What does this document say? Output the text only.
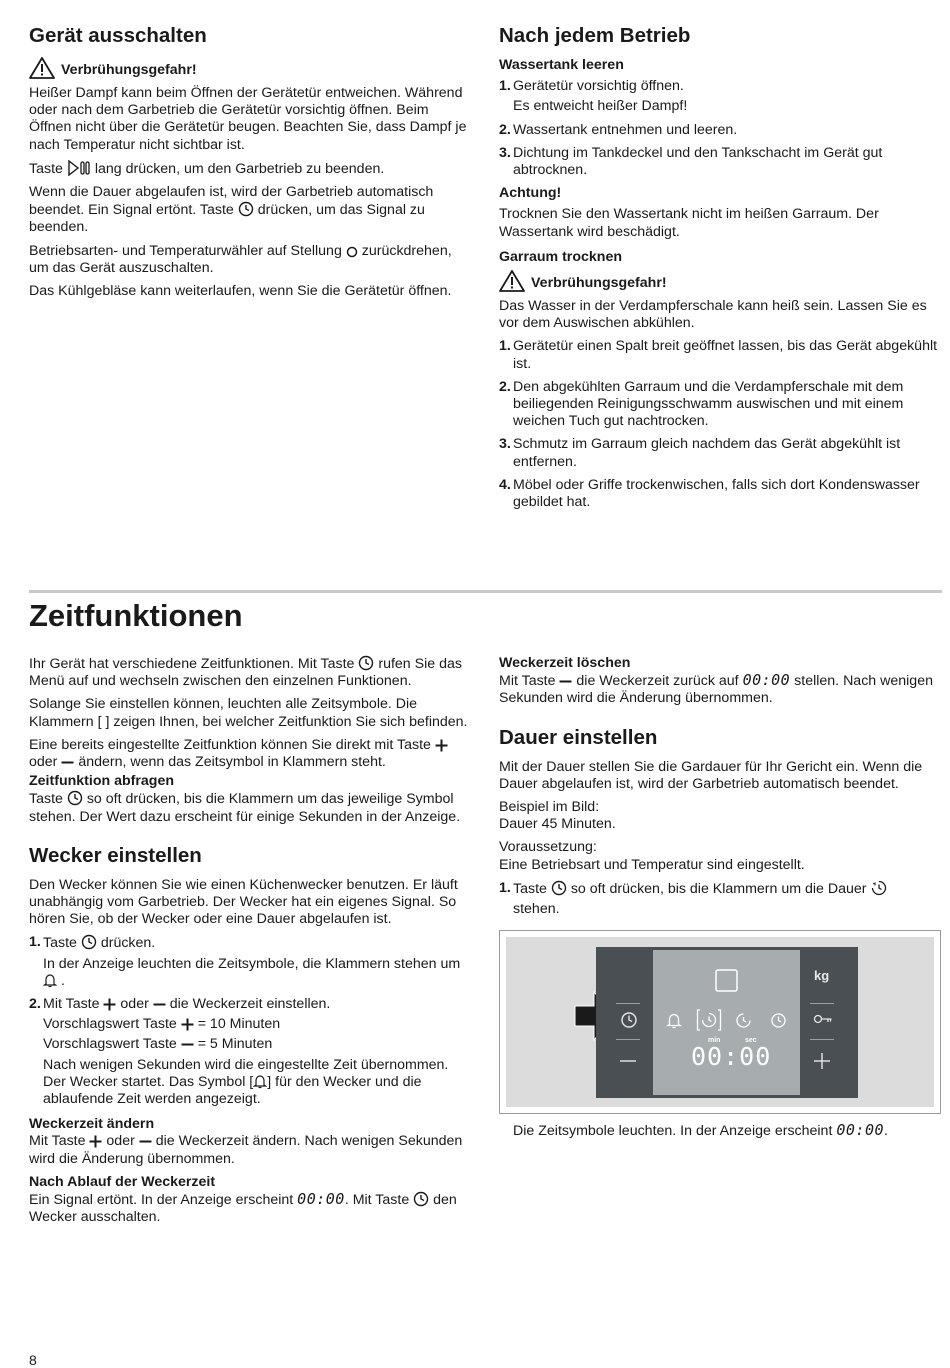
Gerät ausschalten
Verbrühungsgefahr!

Heißer Dampf kann beim Öffnen der Gerätetür entweichen. Während oder nach dem Garbetrieb die Gerätetür vorsichtig öffnen. Beim Öffnen nicht über die Gerätetür beugen. Beachten Sie, dass Dampf je nach Temperatur nicht sichtbar ist.

Taste lang drücken, um den Garbetrieb zu beenden.

Wenn die Dauer abgelaufen ist, wird der Garbetrieb automatisch beendet. Ein Signal ertönt. Taste drücken, um das Signal zu beenden.

Betriebsarten- und Temperaturwähler auf Stellung zurückdrehen, um das Gerät auszuschalten.

Das Kühlgebläse kann weiterlaufen, wenn Sie die Gerätetür öffnen.

Nach jedem Betrieb
Wassertank leeren
1. Gerätetür vorsichtig öffnen.
Es entweicht heißer Dampf!
2. Wassertank entnehmen und leeren.
3. Dichtung im Tankdeckel und den Tankschacht im Gerät gut abtrocknen.
Achtung!

Trocknen Sie den Wassertank nicht im heißen Garraum. Der Wassertank wird beschädigt.

Garraum trocknen
Verbrühungsgefahr!

Das Wasser in der Verdampferschale kann heiß sein. Lassen Sie es vor dem Auswischen abkühlen.

1. Gerätetür einen Spalt breit geöffnet lassen, bis das Gerät abgekühlt ist.
2. Den abgekühlten Garraum und die Verdampferschale mit dem beiliegenden Reinigungsschwamm auswischen und mit einem weichen Tuch gut nachtrocken.
3. Schmutz im Garraum gleich nachdem das Gerät abgekühlt ist entfernen.
4. Möbel oder Griffe trockenwischen, falls sich dort Kondenswasser gebildet hat.
Zeitfunktionen

Ihr Gerät hat verschiedene Zeitfunktionen. Mit Taste rufen Sie das Menü auf und wechseln zwischen den einzelnen Funktionen.

Solange Sie einstellen können, leuchten alle Zeitsymbole. Die Klammern [ ] zeigen Ihnen, bei welcher Zeitfunktion Sie sich befinden.

Eine bereits eingestellte Zeitfunktion können Sie direkt mit Taste  oder ändern, wenn das Zeitsymbol in Klammern steht.

Zeitfunktion abfragen

Taste so oft drücken, bis die Klammern um das jeweilige Symbol stehen. Der Wert dazu erscheint für einige Sekunden in der Anzeige.

Wecker einstellen

Den Wecker können Sie wie einen Küchenwecker benutzen. Er läuft unabhängig vom Garbetrieb. Der Wecker hat ein eigenes Signal. So hören Sie, ob der Wecker oder eine Dauer abgelaufen ist.

1. Taste drücken.
In der Anzeige leuchten die Zeitsymbole, die Klammern stehen um  .
2. Mit Taste oder die Weckerzeit einstellen.
Vorschlagswert Taste = 10 Minuten
Vorschlagswert Taste = 5 Minuten
Nach wenigen Sekunden wird die eingestellte Zeit übernommen. Der Wecker startet. Das Symbol [ ] für den Wecker und die ablaufende Zeit werden angezeigt.
Weckerzeit ändern

Mit Taste oder die Weckerzeit ändern. Nach wenigen Sekunden wird die Änderung übernommen.

Nach Ablauf der Weckerzeit

Ein Signal ertönt. In der Anzeige erscheint 00:00. Mit Taste den Wecker ausschalten.

Weckerzeit löschen

Mit Taste die Weckerzeit zurück auf 00:00 stellen. Nach wenigen Sekunden wird die Änderung übernommen.

Dauer einstellen

Mit der Dauer stellen Sie die Gardauer für Ihr Gericht ein. Wenn die Dauer abgelaufen ist, wird der Garbetrieb automatisch beendet.

Beispiel im Bild:
Dauer 45 Minuten.

Voraussetzung:
Eine Betriebsart und Temperatur sind eingestellt.

1. Taste so oft drücken, bis die Klammern um die Dauer
stehen.
min	sec
00:00
kg

Die Zeitsymbole leuchten. In der Anzeige erscheint 00:00.

8
